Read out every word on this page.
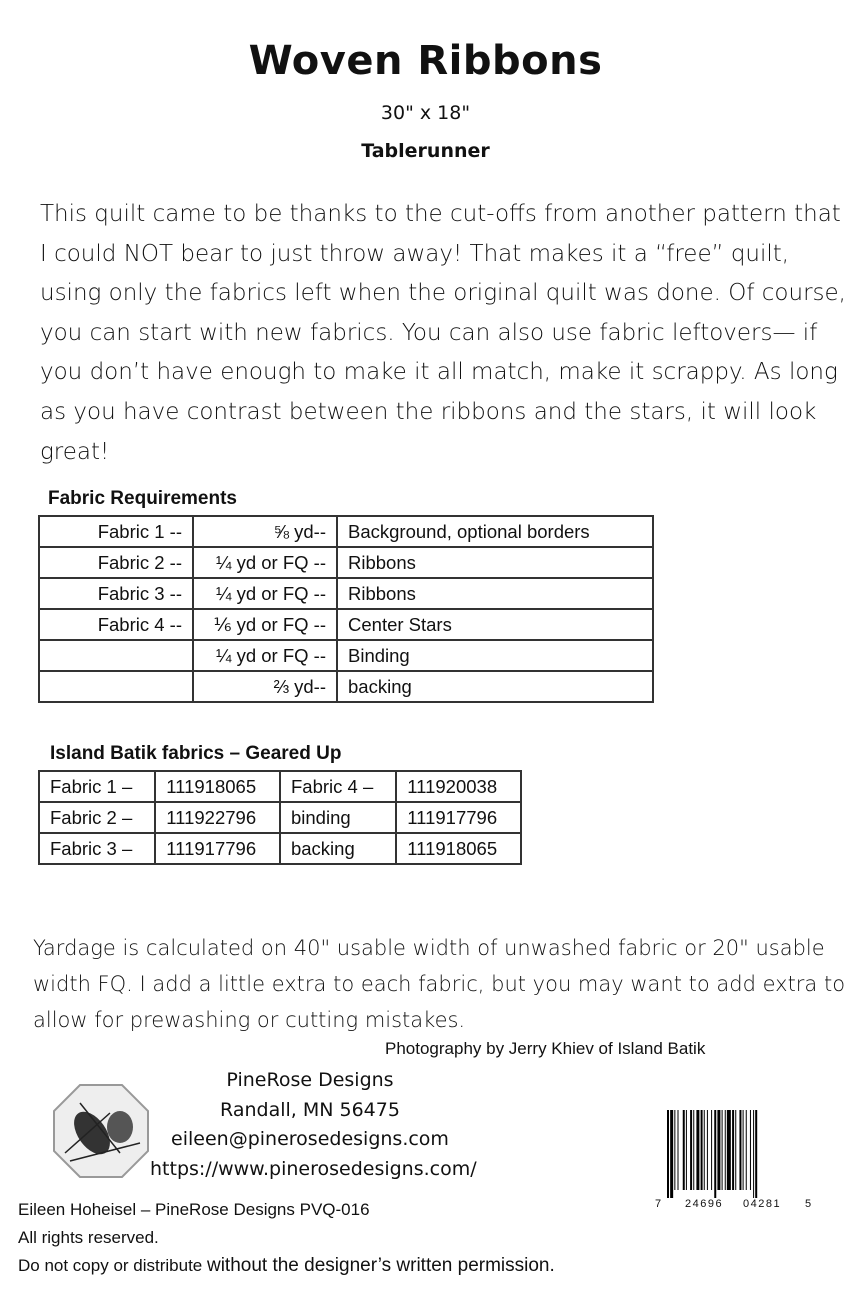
Woven Ribbons
30" x 18"
Tablerunner
This quilt came to be thanks to the cut-offs from another pattern that
I could NOT bear to just throw away! That makes it a “free” quilt,
using only the fabrics left when the original quilt was done. Of course,
you can start with new fabrics. You can also use fabric leftovers— if
you don’t have enough to make it all match, make it scrappy. As long
as you have contrast between the ribbons and the stars, it will look
great!
Fabric Requirements
Fabric 1 --	⅝ yd--	Background, optional borders
Fabric 2 --	¼ yd or FQ --	Ribbons
Fabric 3 --	¼ yd or FQ --	Ribbons
Fabric 4 --	⅙ yd or FQ --	Center Stars
	¼ yd or FQ --	Binding
	⅔ yd--	backing
Island Batik fabrics – Geared Up
Fabric 1 –	111918065	Fabric 4 –	111920038
Fabric 2 –	111922796	binding	111917796
Fabric 3 –	111917796	backing	111918065
Yardage is calculated on 40" usable width of unwashed fabric or 20" usable
width FQ. I add a little extra to each fabric, but you may want to add extra to
allow for prewashing or cutting mistakes.
Photography by Jerry Khiev of Island Batik
PineRose Designs
Randall, MN 56475
eileen@pinerosedesigns.com
https://www.pinerosedesigns.com/
7 24696 04281 5
Eileen Hoheisel – PineRose Designs PVQ-016
All rights reserved.
Do not copy or distribute without the designer’s written permission.
